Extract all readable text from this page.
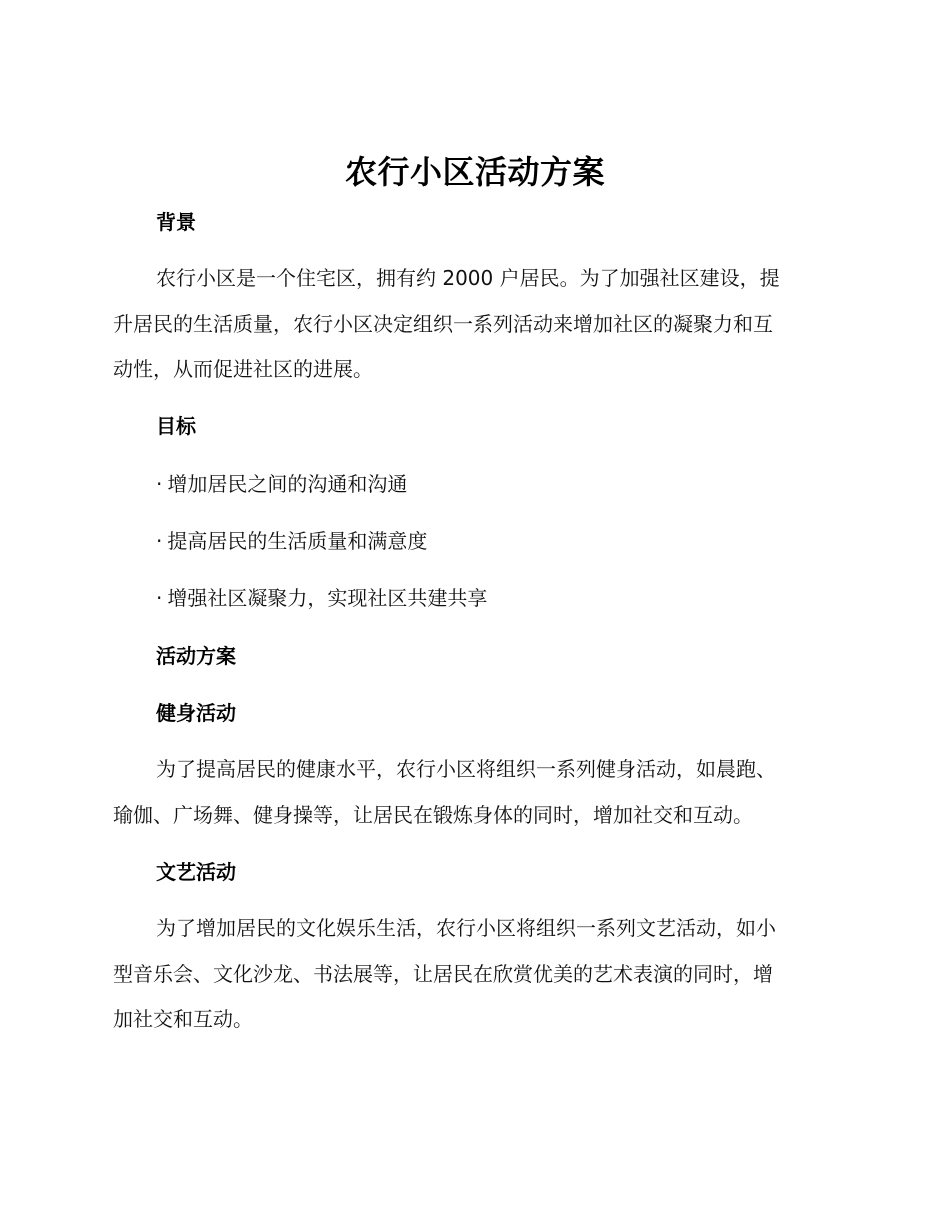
农行小区活动方案
背景
农行小区是一个住宅区，拥有约 2000 户居民。为了加强社区建设，提
升居民的生活质量，农行小区决定组织一系列活动来增加社区的凝聚力和互
动性，从而促进社区的进展。
目标
· 增加居民之间的沟通和沟通
· 提高居民的生活质量和满意度
· 增强社区凝聚力，实现社区共建共享
活动方案
健身活动
为了提高居民的健康水平，农行小区将组织一系列健身活动，如晨跑、
瑜伽、广场舞、健身操等，让居民在锻炼身体的同时，增加社交和互动。
文艺活动
为了增加居民的文化娱乐生活，农行小区将组织一系列文艺活动，如小
型音乐会、文化沙龙、书法展等，让居民在欣赏优美的艺术表演的同时，增
加社交和互动。
